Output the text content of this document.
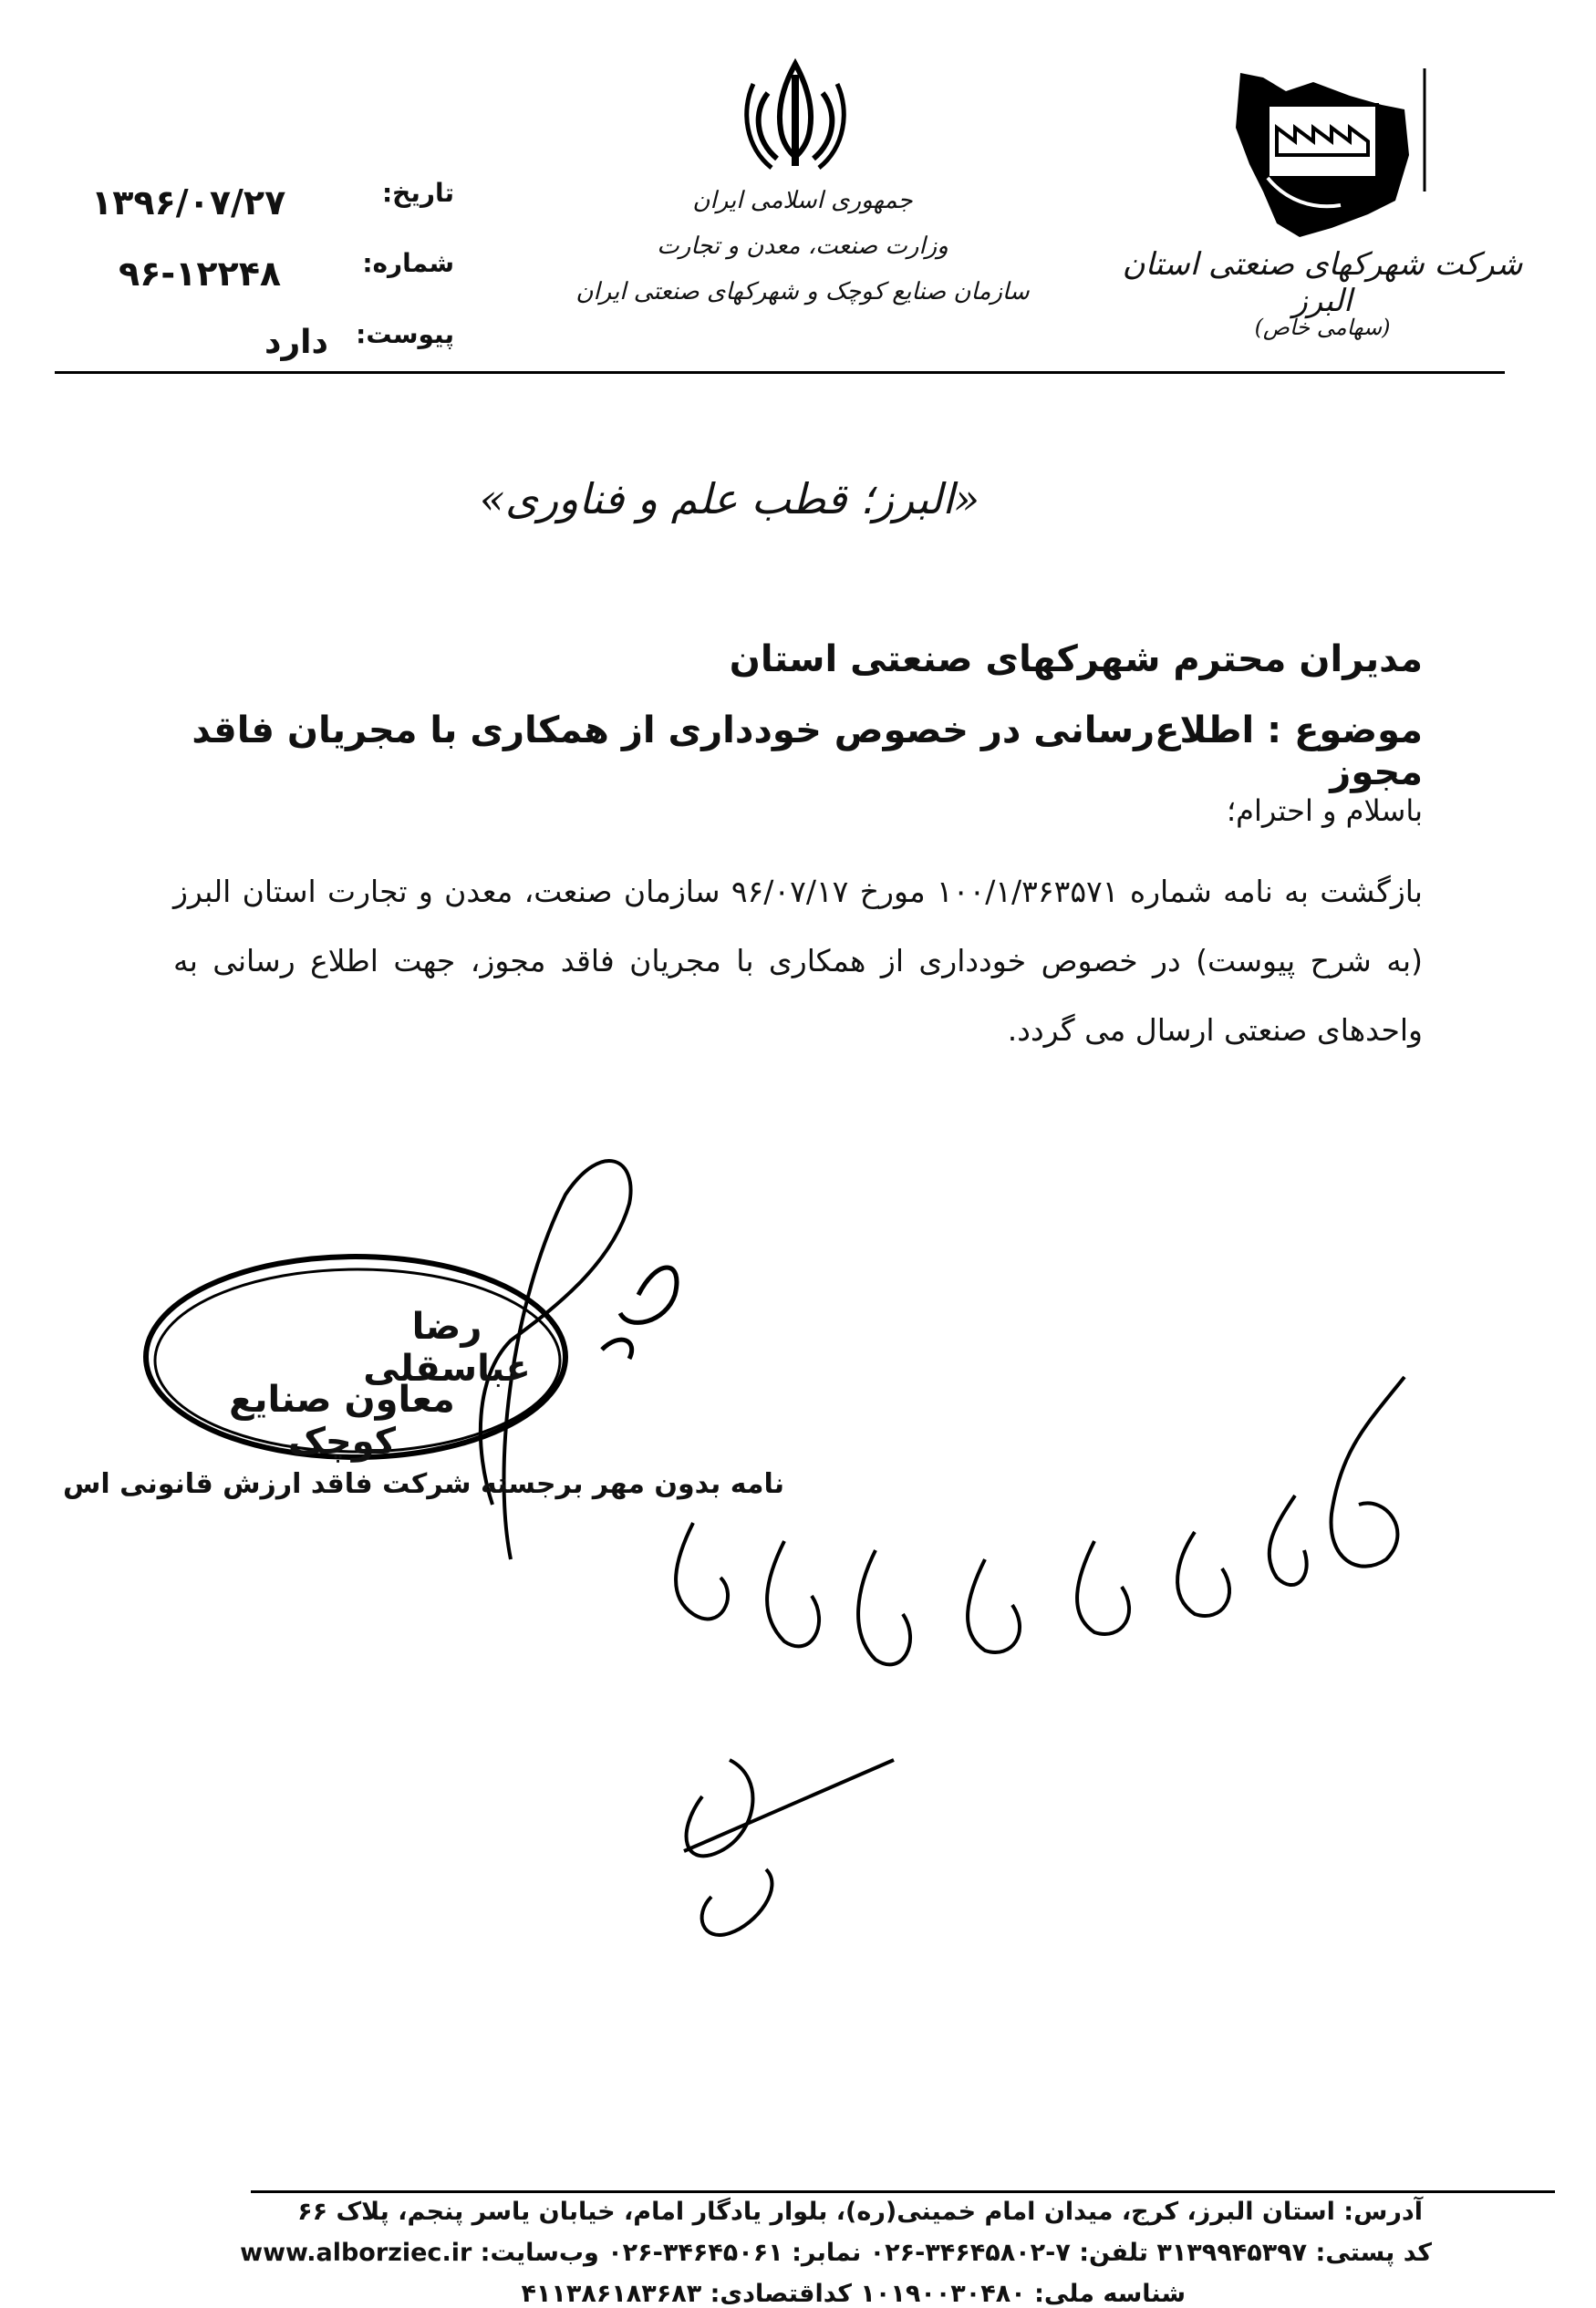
جمهوری اسلامی ایران
وزارت صنعت، معدن و تجارت
سازمان صنایع کوچک و شهرکهای صنعتی ایران
شرکت شهرکهای صنعتی استان البرز
(سهامی خاص)
تاریخ:
۱۳۹۶/۰۷/۲۷
شماره:
۹۶-۱۲۲۴۸
پیوست:
دارد
«البرز؛ قطب علم و فناوری»
مدیران محترم شهرکهای صنعتی استان
موضوع : اطلاع‌رسانی در خصوص خودداری از همکاری با مجریان فاقد مجوز
باسلام و احترام؛
بازگشت به نامه شماره ۱۰۰/۱/۳۶۳۵۷۱ مورخ ۹۶/۰۷/۱۷ سازمان صنعت، معدن و تجارت استان البرز (به شرح پیوست) در خصوص خودداری از همکاری با مجریان فاقد مجوز، جهت اطلاع رسانی به واحدهای صنعتی ارسال می گردد.
رضا عباسقلی
معاون صنایع کوچک
نامه بدون مهر برجسته شرکت فاقد ارزش قانونی اس
آدرس: استان البرز، کرج، میدان امام خمینی(ره)، بلوار یادگار امام، خیابان یاسر پنجم، پلاک ۶۶
کد پستی: ۳۱۳۹۹۴۵۳۹۷ تلفن: ۷-۳۴۶۴۵۸۰۲-۰۲۶ نمابر: ۳۴۶۴۵۰۶۱-۰۲۶ وب‌سایت: www.alborziec.ir
شناسه ملی: ۱۰۱۹۰۰۳۰۴۸۰ کداقتصادی: ۴۱۱۳۸۶۱۸۳۶۸۳
